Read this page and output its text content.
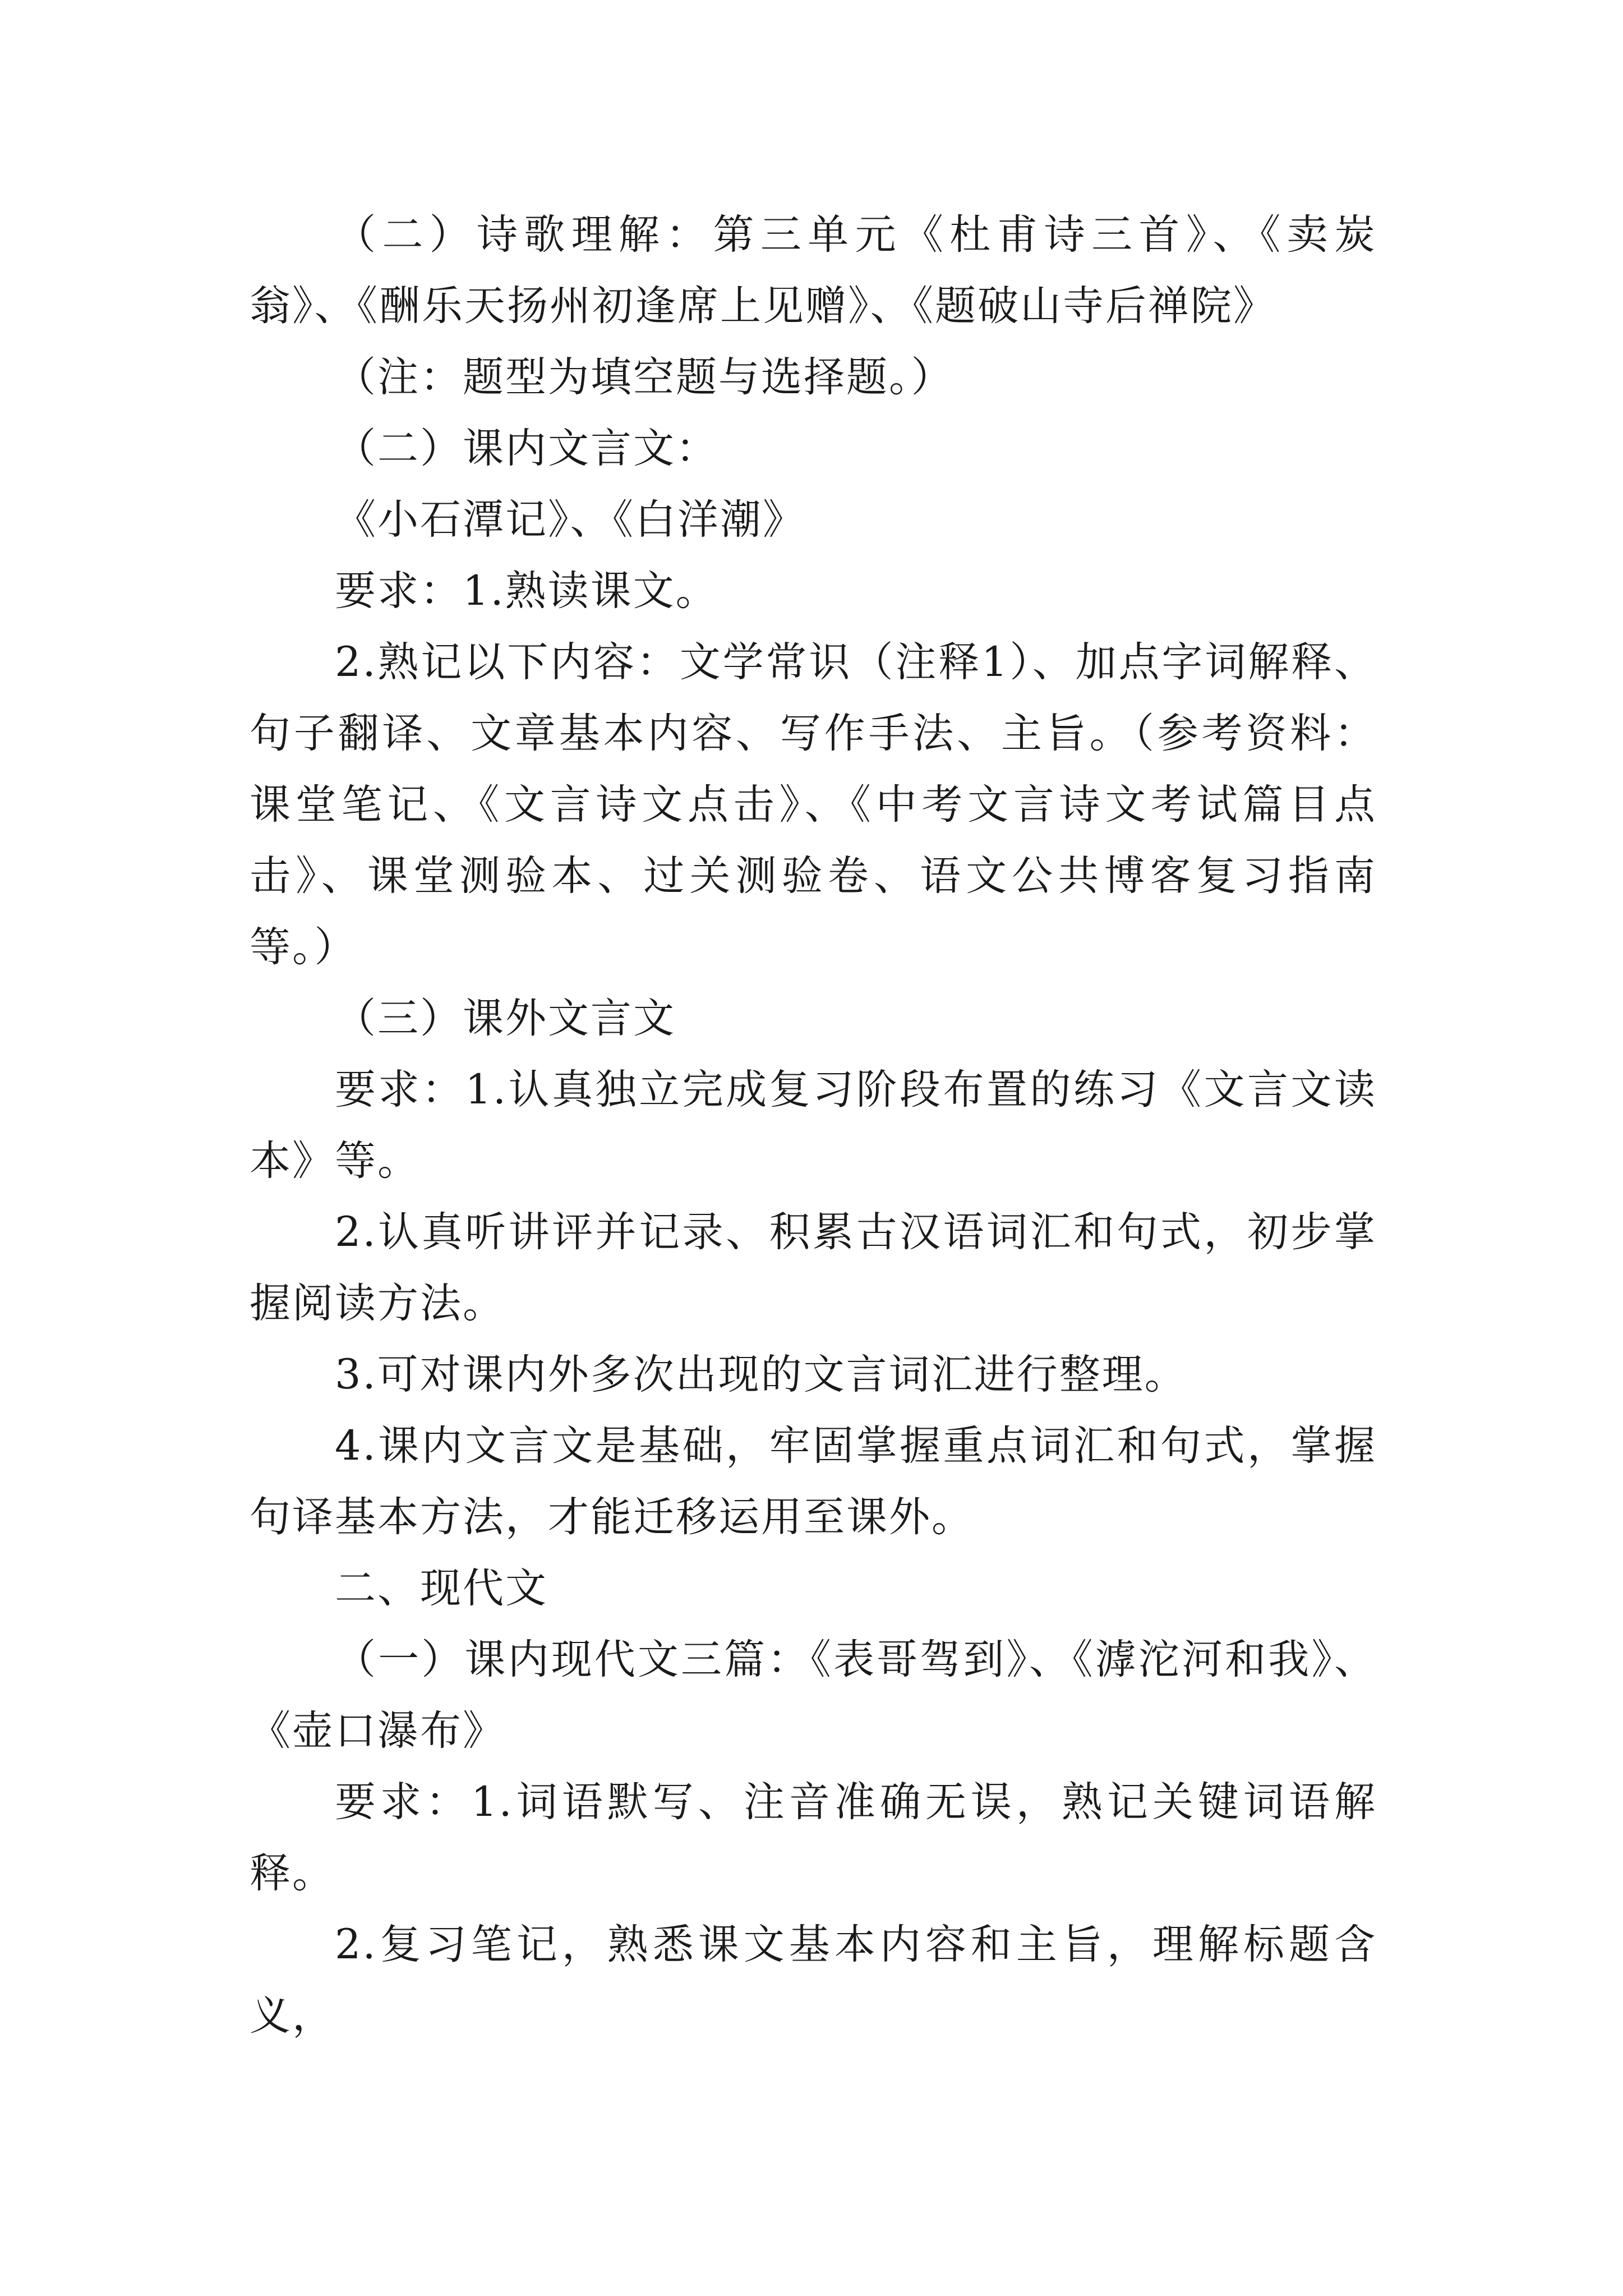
（二）诗歌理解：第三单元《杜甫诗三首》、《卖炭翁》、《酬乐天扬州初逢席上见赠》、《题破山寺后禅院》

（注：题型为填空题与选择题。）

（二）课内文言文：

《小石潭记》、《白洋潮》

要求：1.熟读课文。

2.熟记以下内容：文学常识（注释1）、加点字词解释、句子翻译、文章基本内容、写作手法、主旨。（参考资料：课堂笔记、《文言诗文点击》、《中考文言诗文考试篇目点击》、课堂测验本、过关测验卷、语文公共博客复习指南等。）

（三）课外文言文

要求：1.认真独立完成复习阶段布置的练习《文言文读本》等。

2.认真听讲评并记录、积累古汉语词汇和句式，初步掌握阅读方法。

3.可对课内外多次出现的文言词汇进行整理。

4.课内文言文是基础，牢固掌握重点词汇和句式，掌握句译基本方法，才能迁移运用至课外。

二、现代文

（一）课内现代文三篇：《表哥驾到》、《滹沱河和我》、《壶口瀑布》

要求：1.词语默写、注音准确无误，熟记关键词语解释。

2.复习笔记，熟悉课文基本内容和主旨，理解标题含义，
